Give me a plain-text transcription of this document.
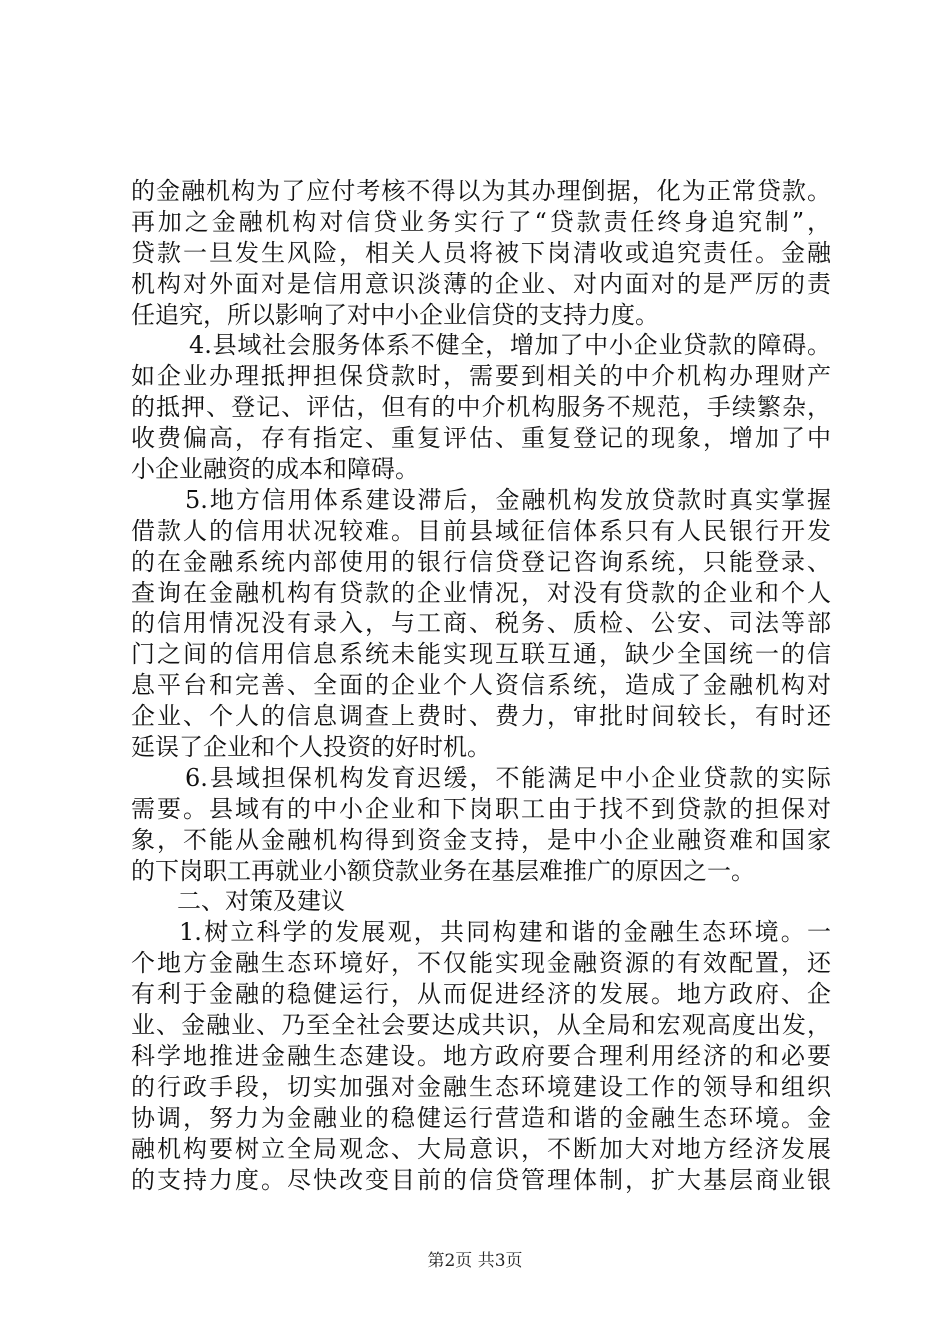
的金融机构为了应付考核不得以为其办理倒据，化为正常贷款。
再加之金融机构对信贷业务实行了“贷款责任终身追究制”，
贷款一旦发生风险，相关人员将被下岗清收或追究责任。金融
机构对外面对是信用意识淡薄的企业、对内面对的是严厉的责
任追究，所以影响了对中小企业信贷的支持力度。
4.县域社会服务体系不健全，增加了中小企业贷款的障碍。
如企业办理抵押担保贷款时，需要到相关的中介机构办理财产
的抵押、登记、评估，但有的中介机构服务不规范，手续繁杂，
收费偏高，存有指定、重复评估、重复登记的现象，增加了中
小企业融资的成本和障碍。
5.地方信用体系建设滞后，金融机构发放贷款时真实掌握
借款人的信用状况较难。目前县域征信体系只有人民银行开发
的在金融系统内部使用的银行信贷登记咨询系统，只能登录、
查询在金融机构有贷款的企业情况，对没有贷款的企业和个人
的信用情况没有录入，与工商、税务、质检、公安、司法等部
门之间的信用信息系统未能实现互联互通，缺少全国统一的信
息平台和完善、全面的企业个人资信系统，造成了金融机构对
企业、个人的信息调查上费时、费力，审批时间较长，有时还
延误了企业和个人投资的好时机。
6.县域担保机构发育迟缓，不能满足中小企业贷款的实际
需要。县域有的中小企业和下岗职工由于找不到贷款的担保对
象，不能从金融机构得到资金支持，是中小企业融资难和国家
的下岗职工再就业小额贷款业务在基层难推广的原因之一。
二、对策及建议
1.树立科学的发展观，共同构建和谐的金融生态环境。一
个地方金融生态环境好，不仅能实现金融资源的有效配置，还
有利于金融的稳健运行，从而促进经济的发展。地方政府、企
业、金融业、乃至全社会要达成共识，从全局和宏观高度出发，
科学地推进金融生态建设。地方政府要合理利用经济的和必要
的行政手段，切实加强对金融生态环境建设工作的领导和组织
协调，努力为金融业的稳健运行营造和谐的金融生态环境。金
融机构要树立全局观念、大局意识，不断加大对地方经济发展
的支持力度。尽快改变目前的信贷管理体制，扩大基层商业银
第2页 共3页
